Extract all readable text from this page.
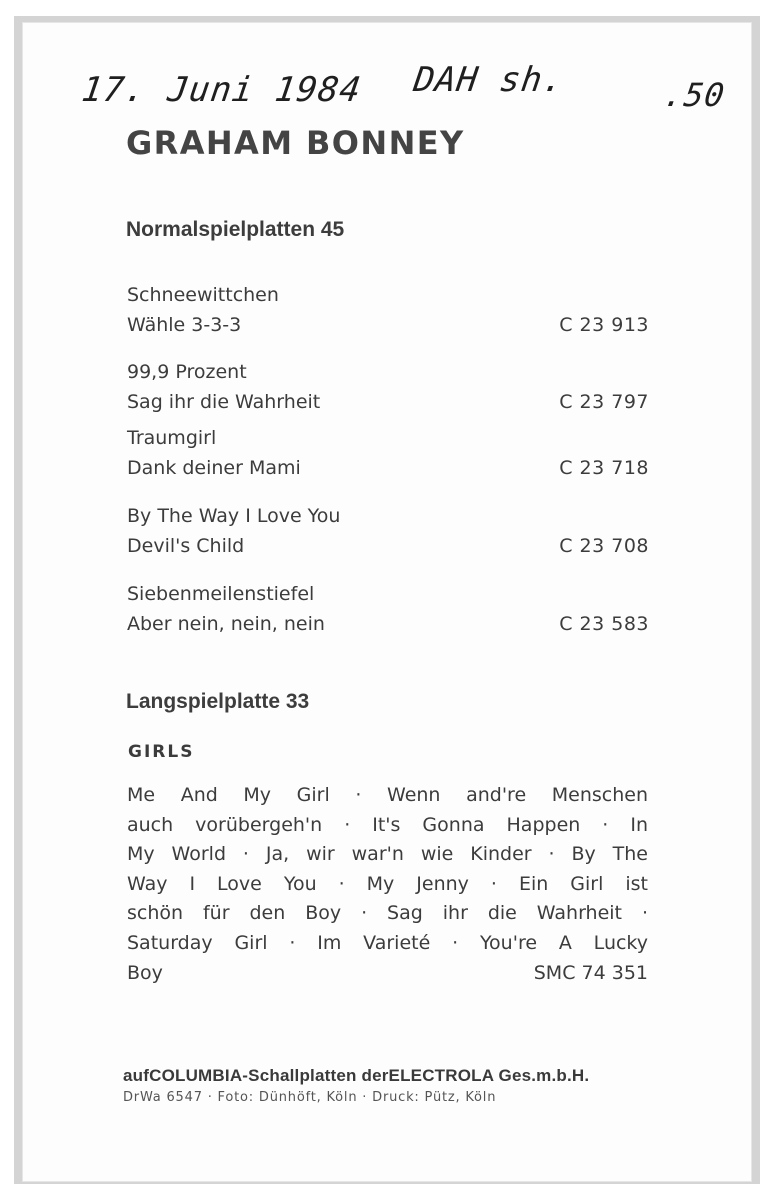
17. Juni 1984 DAH sh.	.50
GRAHAM BONNEY
Normalspielplatten 45
Schneewittchen
Wähle 3-3-3	C 23 913
99,9 Prozent
Sag ihr die Wahrheit	C 23 797
Traumgirl
Dank deiner Mami	C 23 718
By The Way I Love You
Devil's Child	C 23 708
Siebenmeilenstiefel
Aber nein, nein, nein	C 23 583
Langspielplatte 33
GIRLS
Me And My Girl · Wenn and're Menschen
auch vorübergeh'n · It's Gonna Happen · In
My World · Ja, wir war'n wie Kinder · By The
Way I Love You · My Jenny · Ein Girl ist
schön für den Boy · Sag ihr die Wahrheit ·
Saturday Girl · Im Varieté · You're A Lucky
Boy	SMC 74 351
aufCOLUMBIA-Schallplatten derELECTROLA Ges.m.b.H.
DrWa 6547 · Foto: Dünhöft, Köln · Druck: Pütz, Köln
